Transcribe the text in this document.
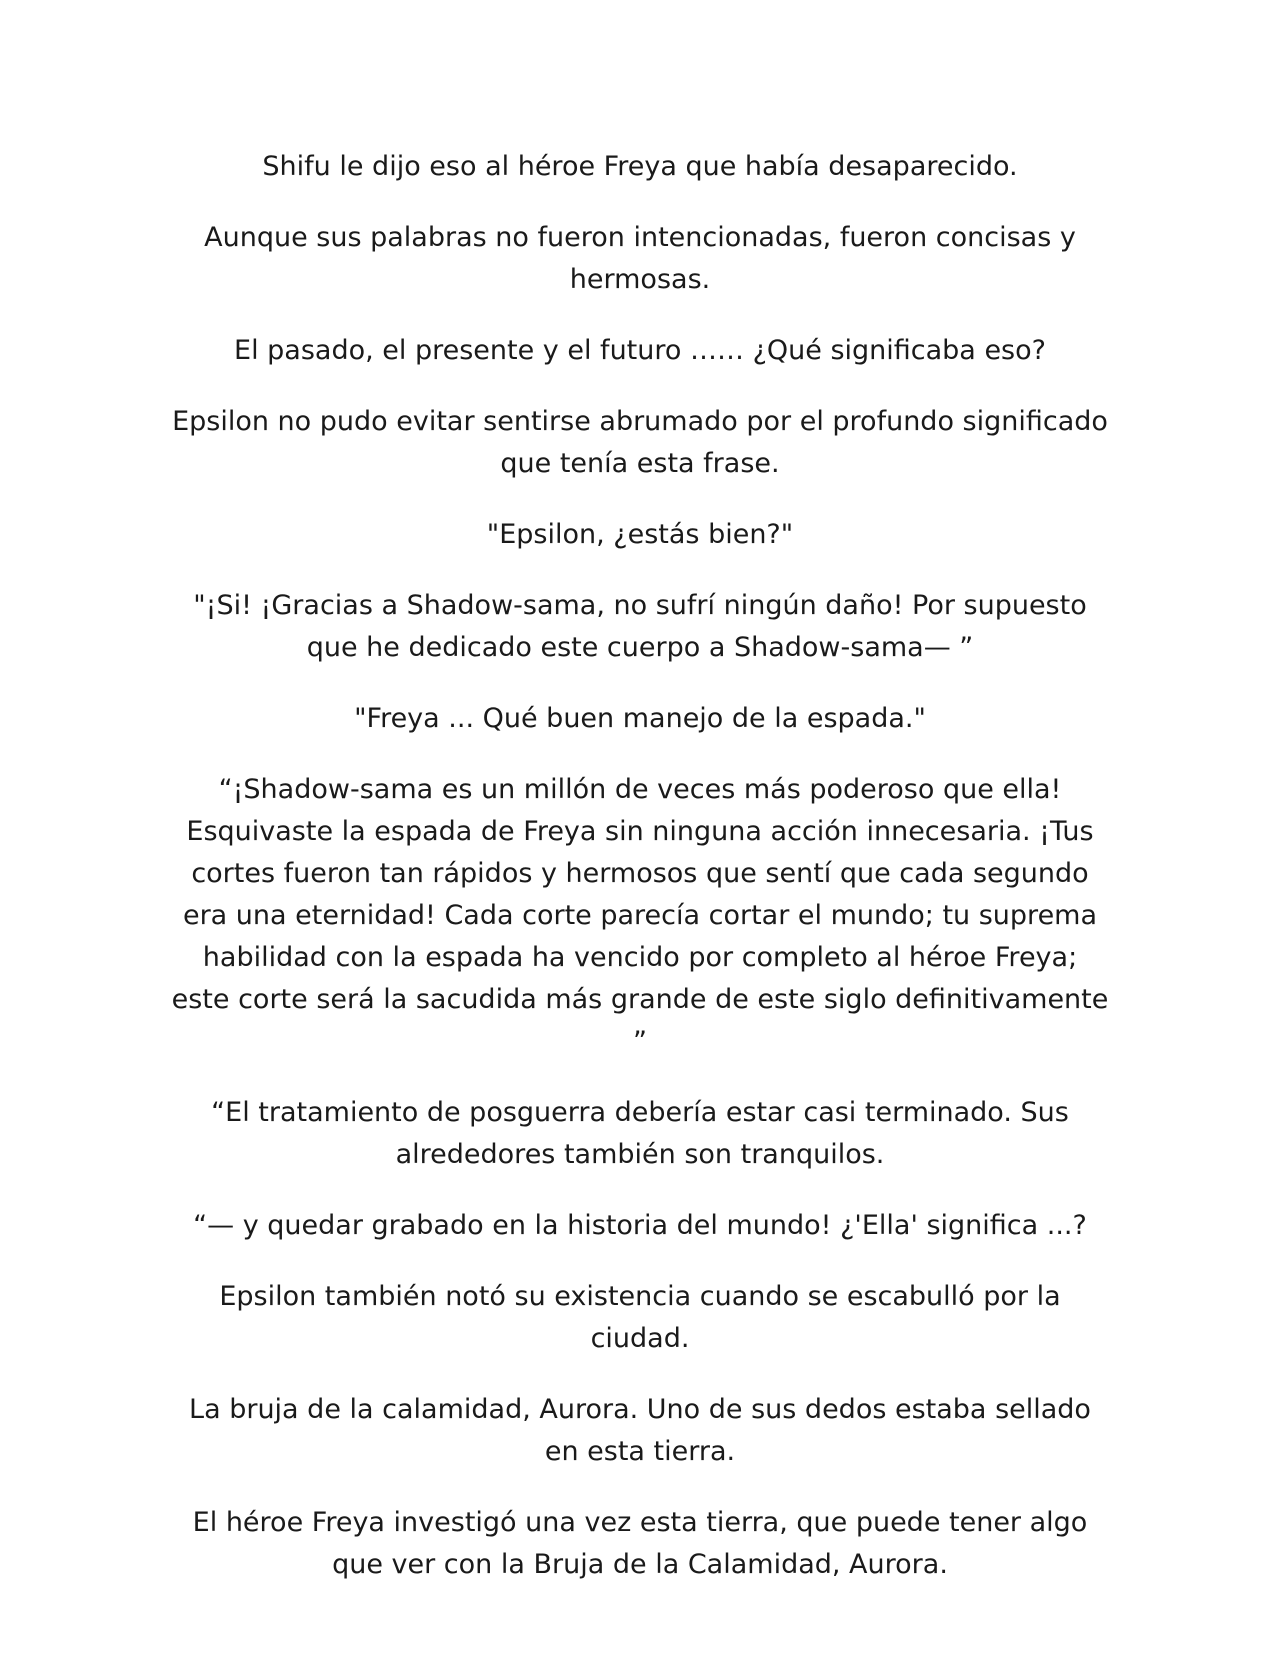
Shifu le dijo eso al héroe Freya que había desaparecido.

Aunque sus palabras no fueron intencionadas, fueron concisas y hermosas.

El pasado, el presente y el futuro …… ¿Qué significaba eso?

Epsilon no pudo evitar sentirse abrumado por el profundo significado que tenía esta frase.

"Epsilon, ¿estás bien?"

"¡Si! ¡Gracias a Shadow-sama, no sufrí ningún daño! Por supuesto que he dedicado este cuerpo a Shadow-sama— ”

"Freya ... Qué buen manejo de la espada."

“¡Shadow-sama es un millón de veces más poderoso que ella! Esquivaste la espada de Freya sin ninguna acción innecesaria. ¡Tus cortes fueron tan rápidos y hermosos que sentí que cada segundo era una eternidad! Cada corte parecía cortar el mundo; tu suprema habilidad con la espada ha vencido por completo al héroe Freya; este corte será la sacudida más grande de este siglo definitivamente ”

“El tratamiento de posguerra debería estar casi terminado. Sus alrededores también son tranquilos.

“— y quedar grabado en la historia del mundo! ¿'Ella' significa ...?

Epsilon también notó su existencia cuando se escabulló por la ciudad.

La bruja de la calamidad, Aurora. Uno de sus dedos estaba sellado en esta tierra.

El héroe Freya investigó una vez esta tierra, que puede tener algo que ver con la Bruja de la Calamidad, Aurora.
